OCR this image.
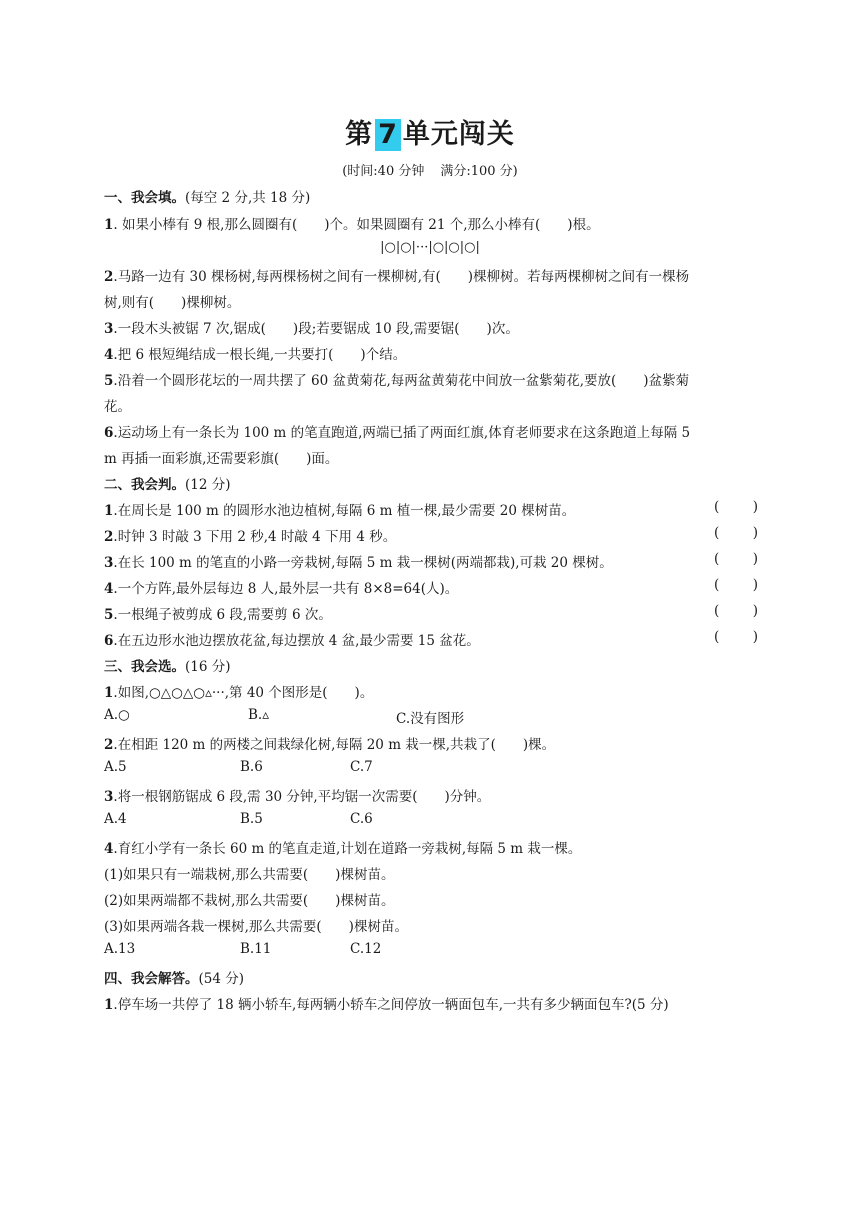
第 7 单元闯关
(时间:40 分钟 满分:100 分)
一、我会填。(每空 2 分,共 18 分)
1. 如果小棒有 9 根,那么圆圈有(　　)个。如果圆圈有 21 个,那么小棒有(　　)根。
|○|○|···|○|○|○|
2.马路一边有 30 棵杨树,每两棵杨树之间有一棵柳树,有(　　)棵柳树。若每两棵柳树之间有一棵杨
树,则有(　　)棵柳树。
3.一段木头被锯 7 次,锯成(　　)段;若要锯成 10 段,需要锯(　　)次。
4.把 6 根短绳结成一根长绳,一共要打(　　)个结。
5.沿着一个圆形花坛的一周共摆了 60 盆黄菊花,每两盆黄菊花中间放一盆紫菊花,要放(　　)盆紫菊
花。
6.运动场上有一条长为 100 m 的笔直跑道,两端已插了两面红旗,体育老师要求在这条跑道上每隔 5
m 再插一面彩旗,还需要彩旗(　　)面。
二、我会判。(12 分)
1.在周长是 100 m 的圆形水池边植树,每隔 6 m 植一棵,最少需要 20 棵树苗。	( )
2.时钟 3 时敲 3 下用 2 秒,4 时敲 4 下用 4 秒。	( )
3.在长 100 m 的笔直的小路一旁栽树,每隔 5 m 栽一棵树(两端都栽),可栽 20 棵树。	( )
4.一个方阵,最外层每边 8 人,最外层一共有 8×8=64(人)。	( )
5.一根绳子被剪成 6 段,需要剪 6 次。	( )
6.在五边形水池边摆放花盆,每边摆放 4 盆,最少需要 15 盆花。	( )
三、我会选。(16 分)
1.如图,○△○△○▵···,第 40 个图形是(　　)。
A.○	B.▵	C.没有图形
2.在相距 120 m 的两楼之间栽绿化树,每隔 20 m 栽一棵,共栽了(　　)棵。
A.5	B.6	C.7
3.将一根钢筋锯成 6 段,需 30 分钟,平均锯一次需要(　　)分钟。
A.4	B.5	C.6
4.育红小学有一条长 60 m 的笔直走道,计划在道路一旁栽树,每隔 5 m 栽一棵。
(1)如果只有一端栽树,那么共需要(　　)棵树苗。
(2)如果两端都不栽树,那么共需要(　　)棵树苗。
(3)如果两端各栽一棵树,那么共需要(　　)棵树苗。
A.13	B.11	C.12
四、我会解答。(54 分)
1.停车场一共停了 18 辆小轿车,每两辆小轿车之间停放一辆面包车,一共有多少辆面包车?(5 分)
